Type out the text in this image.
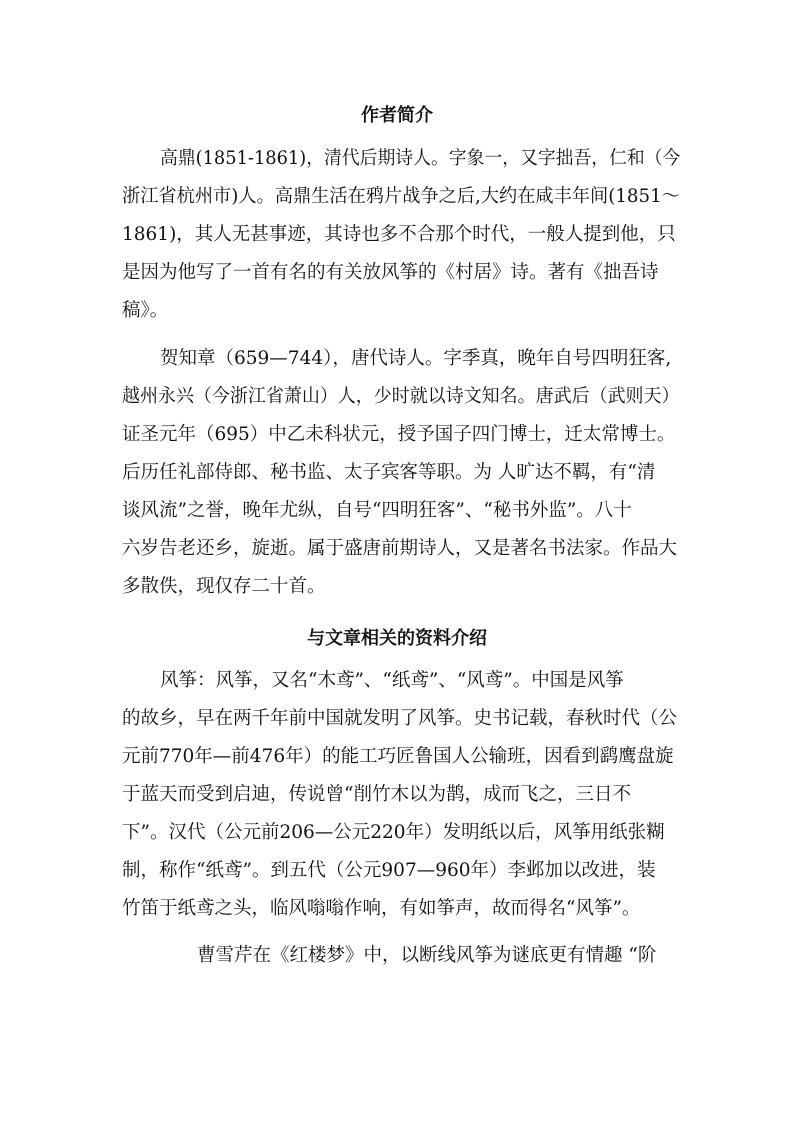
作者简介
高鼎(1851-1861)，清代后期诗人。字象一，又字拙吾，仁和（今
浙江省杭州市)人。高鼎生活在鸦片战争之后,大约在咸丰年间(1851～
1861)，其人无甚事迹，其诗也多不合那个时代，一般人提到他，只
是因为他写了一首有名的有关放风筝的《村居》诗。著有《拙吾诗
稿》。
贺知章（659—744），唐代诗人。字季真，晚年自号四明狂客,
越州永兴（今浙江省萧山）人，少时就以诗文知名。唐武后（武则天）
证圣元年（695）中乙未科状元，授予国子四门博士，迁太常博士。
后历任礼部侍郎、秘书监、太子宾客等职。为 人旷达不羁，有“清
谈风流”之誉，晚年尤纵，自号“四明狂客”、“秘书外监”。八十
六岁告老还乡，旋逝。属于盛唐前期诗人，又是著名书法家。作品大
多散佚，现仅存二十首。
与文章相关的资料介绍
风筝：风筝，又名“木鸢”、“纸鸢”、“风鸢”。中国是风筝
的故乡，早在两千年前中国就发明了风筝。史书记载，春秋时代（公
元前770年—前476年）的能工巧匠鲁国人公输班，因看到鹞鹰盘旋
于蓝天而受到启迪，传说曾“削竹木以为鹊，成而飞之，三日不
下”。汉代（公元前206—公元220年）发明纸以后，风筝用纸张糊
制，称作“纸鸢”。到五代（公元907—960年）李邺加以改进，装
竹笛于纸鸢之头，临风嗡嗡作响，有如筝声，故而得名“风筝”。
曹雪芹在《红楼梦》中，以断线风筝为谜底更有情趣 “阶
